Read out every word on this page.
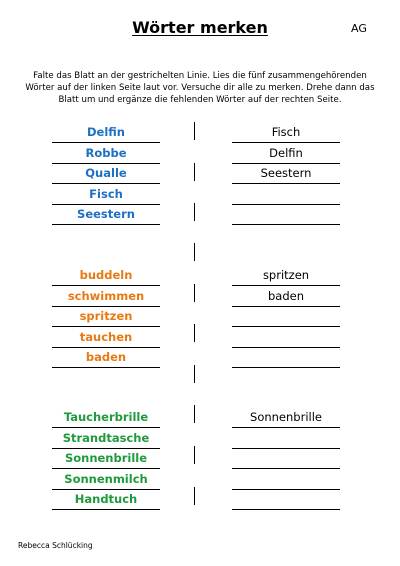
Wörter merken	AG
Falte das Blatt an der gestrichelten Linie. Lies die fünf zusammengehörenden Wörter auf der linken Seite laut vor. Versuche dir alle zu merken. Drehe dann das Blatt um und ergänze die fehlenden Wörter auf der rechten Seite.
Delfin	Fisch
Robbe	Delfin
Qualle	Seestern
Fisch
Seestern
buddeln	spritzen
schwimmen	baden
spritzen
tauchen
baden
Taucherbrille	Sonnenbrille
Strandtasche
Sonnenbrille
Sonnenmilch
Handtuch
Rebecca Schlücking
